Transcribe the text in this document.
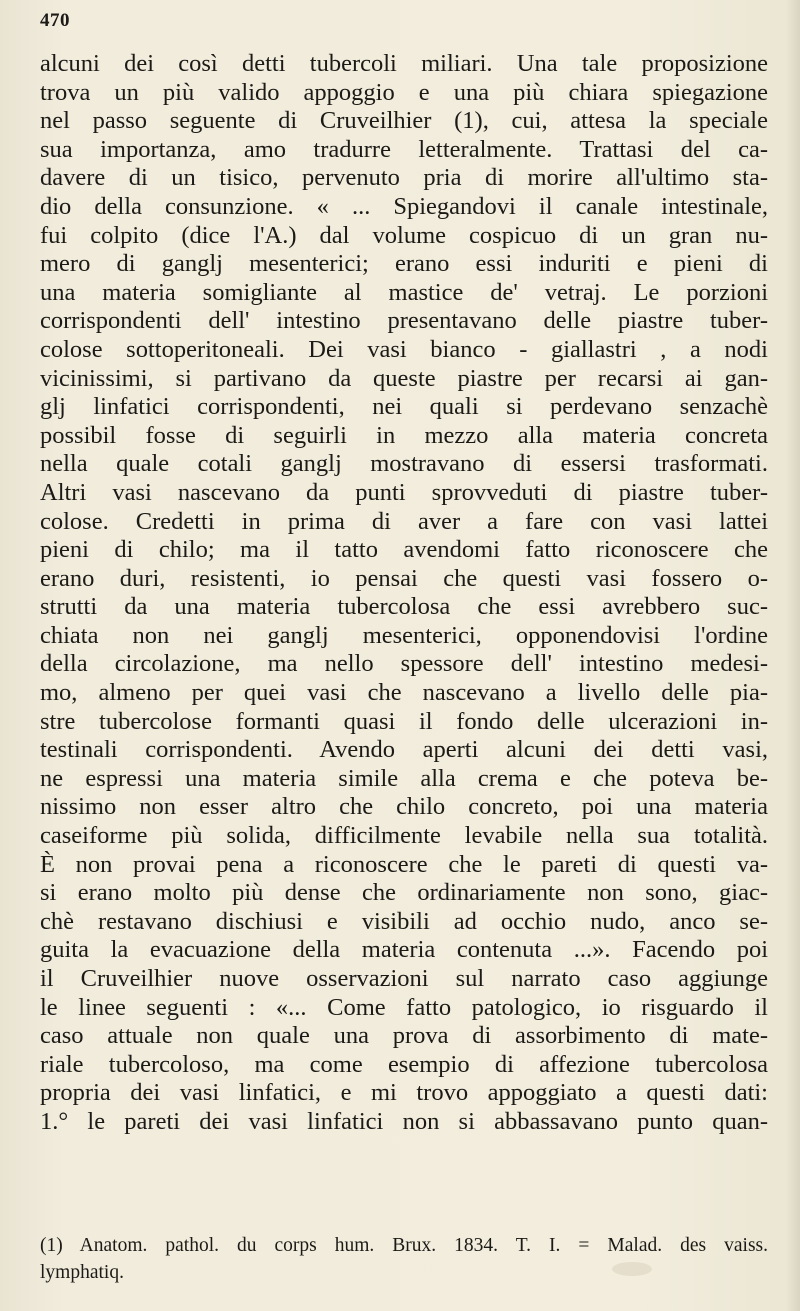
470
alcuni dei così detti tubercoli miliari. Una tale proposizione
trova un più valido appoggio e una più chiara spiegazione
nel passo seguente di Cruveilhier (1), cui, attesa la speciale
sua importanza, amo tradurre letteralmente. Trattasi del ca-
davere di un tisico, pervenuto pria di morire all'ultimo sta-
dio della consunzione. « ... Spiegandovi il canale intestinale,
fui colpito (dice l'A.) dal volume cospicuo di un gran nu-
mero di ganglj mesenterici; erano essi induriti e pieni di
una materia somigliante al mastice de' vetraj. Le porzioni
corrispondenti dell' intestino presentavano delle piastre tuber-
colose sottoperitoneali. Dei vasi bianco - giallastri , a nodi
vicinissimi, si partivano da queste piastre per recarsi ai gan-
glj linfatici corrispondenti, nei quali si perdevano senzachè
possibil fosse di seguirli in mezzo alla materia concreta
nella quale cotali ganglj mostravano di essersi trasformati.
Altri vasi nascevano da punti sprovveduti di piastre tuber-
colose. Credetti in prima di aver a fare con vasi lattei
pieni di chilo; ma il tatto avendomi fatto riconoscere che
erano duri, resistenti, io pensai che questi vasi fossero o-
strutti da una materia tubercolosa che essi avrebbero suc-
chiata non nei ganglj mesenterici, opponendovisi l'ordine
della circolazione, ma nello spessore dell' intestino medesi-
mo, almeno per quei vasi che nascevano a livello delle pia-
stre tubercolose formanti quasi il fondo delle ulcerazioni in-
testinali corrispondenti. Avendo aperti alcuni dei detti vasi,
ne espressi una materia simile alla crema e che poteva be-
nissimo non esser altro che chilo concreto, poi una materia
caseiforme più solida, difficilmente levabile nella sua totalità.
È non provai pena a riconoscere che le pareti di questi va-
si erano molto più dense che ordinariamente non sono, giac-
chè restavano dischiusi e visibili ad occhio nudo, anco se-
guita la evacuazione della materia contenuta ...». Facendo poi
il Cruveilhier nuove osservazioni sul narrato caso aggiunge
le linee seguenti : «... Come fatto patologico, io risguardo il
caso attuale non quale una prova di assorbimento di mate-
riale tubercoloso, ma come esempio di affezione tubercolosa
propria dei vasi linfatici, e mi trovo appoggiato a questi dati:
1.° le pareti dei vasi linfatici non si abbassavano punto quan-
(1) Anatom. pathol. du corps hum. Brux. 1834. T. I. = Malad. des vaiss.
lymphatiq.
